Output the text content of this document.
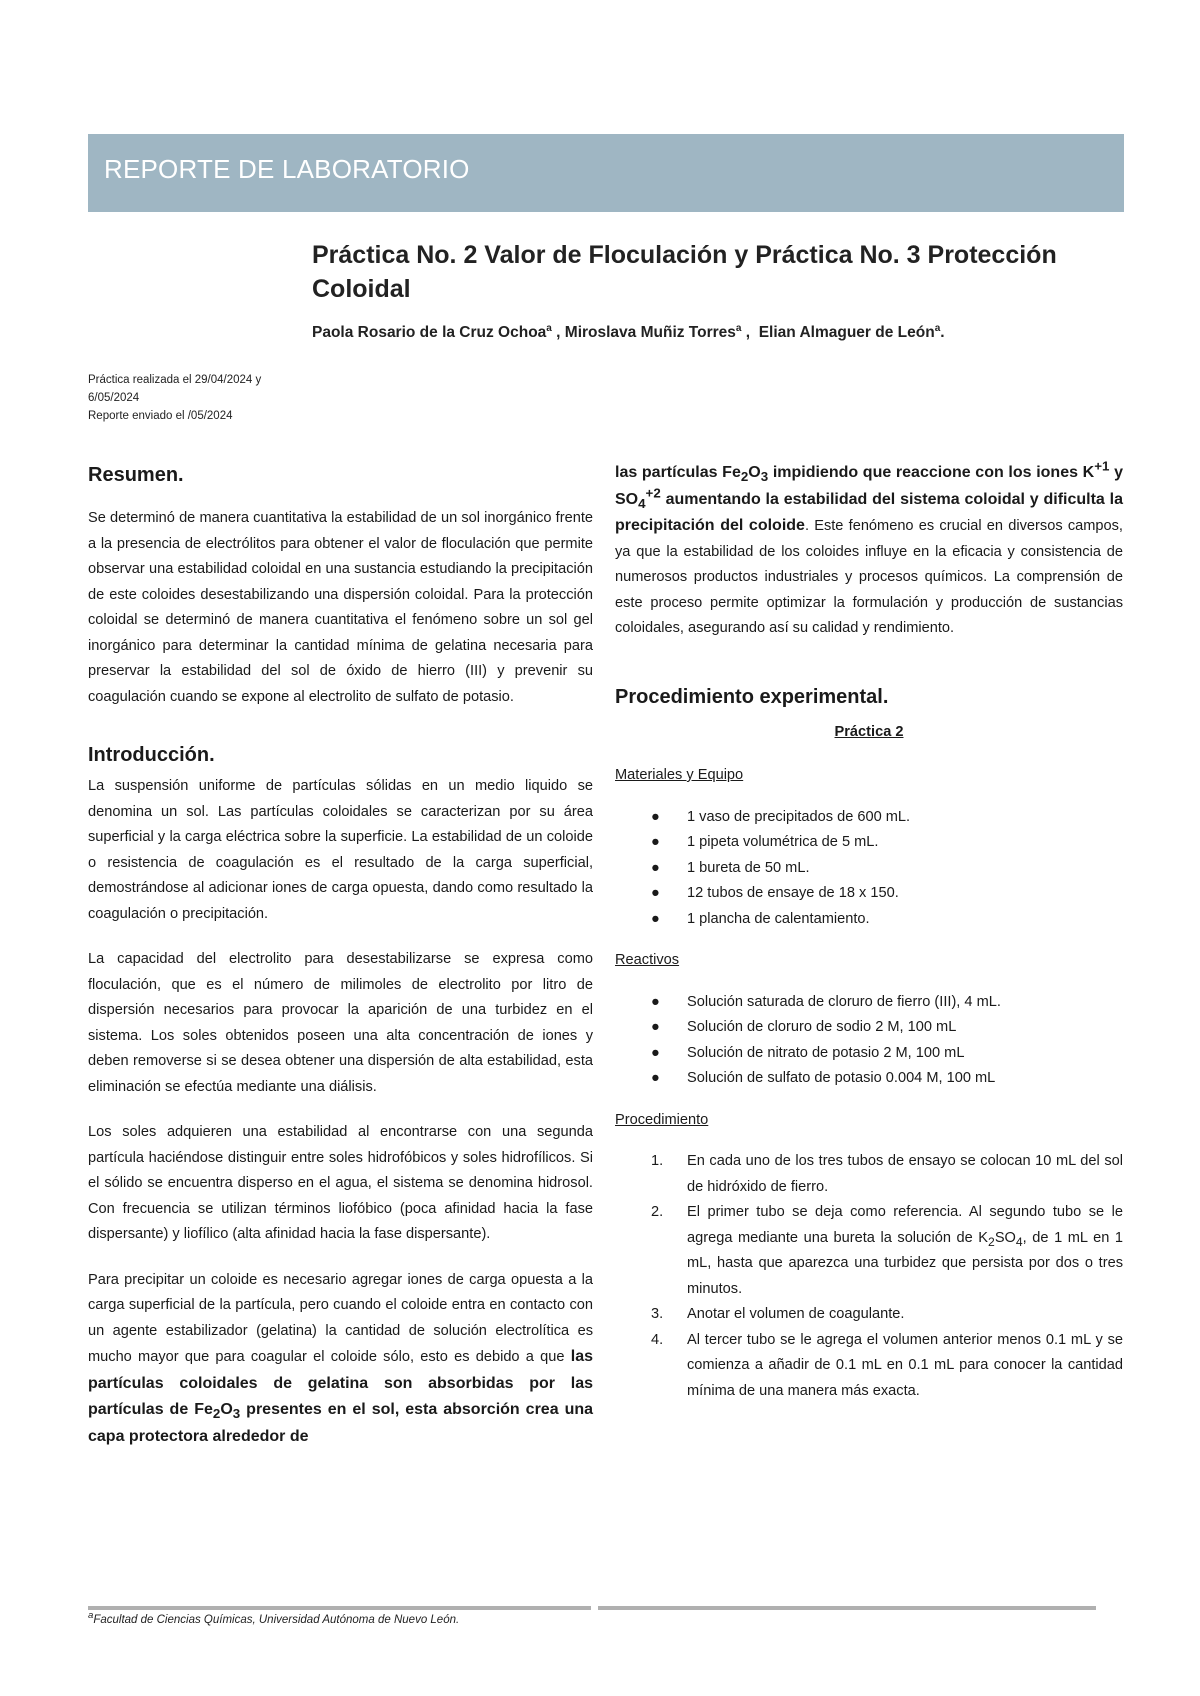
REPORTE DE LABORATORIO
Práctica No. 2 Valor de Floculación y Práctica No. 3 Protección Coloidal
Paola Rosario de la Cruz Ochoa$^a$ , Miroslava Muñiz Torres$^a$ ,  Elian Almaguer de León$^a$.
Práctica realizada el 29/04/2024 y 6/05/2024
Reporte enviado el /05/2024
Resumen.

Se determinó de manera cuantitativa la estabilidad de un sol inorgánico frente a la presencia de electrólitos para obtener el valor de floculación que permite observar una estabilidad coloidal en una sustancia estudiando la precipitación de este coloides desestabilizando una dispersión coloidal. Para la protección coloidal se determinó de manera cuantitativa el fenómeno sobre un sol gel inorgánico para determinar la cantidad mínima de gelatina necesaria para preservar la estabilidad del sol de óxido de hierro (III) y prevenir su coagulación cuando se expone al electrolito de sulfato de potasio.

Introducción.

La suspensión uniforme de partículas sólidas en un medio liquido se denomina un sol. Las partículas coloidales se caracterizan por su área superficial y la carga eléctrica sobre la superficie. La estabilidad de un coloide o resistencia de coagulación es el resultado de la carga superficial, demostrándose al adicionar iones de carga opuesta, dando como resultado la coagulación o precipitación.

La capacidad del electrolito para desestabilizarse se expresa como floculación, que es el número de milimoles de electrolito por litro de dispersión necesarios para provocar la aparición de una turbidez en el sistema. Los soles obtenidos poseen una alta concentración de iones y deben removerse si se desea obtener una dispersión de alta estabilidad, esta eliminación se efectúa mediante una diálisis.

Los soles adquieren una estabilidad al encontrarse con una segunda partícula haciéndose distinguir entre soles hidrofóbicos y soles hidrofílicos. Si el sólido se encuentra disperso en el agua, el sistema se denomina hidrosol. Con frecuencia se utilizan términos liofóbico (poca afinidad hacia la fase dispersante) y liofílico (alta afinidad hacia la fase dispersante).

Para precipitar un coloide es necesario agregar iones de carga opuesta a la carga superficial de la partícula, pero cuando el coloide entra en contacto con un agente estabilizador (gelatina) la cantidad de solución electrolítica es mucho mayor que para coagular el coloide sólo, esto es debido a que las partículas coloidales de gelatina son absorbidas por las partículas de $Fe_2O_3$ presentes en el sol, esta absorción crea una capa protectora alrededor de

las partículas $Fe_2O_3$ impidiendo que reaccione con los iones $K^{+1}$ y $SO_4^{+2}$ aumentando la estabilidad del sistema coloidal y dificulta la precipitación del coloide. Este fenómeno es crucial en diversos campos, ya que la estabilidad de los coloides influye en la eficacia y consistencia de numerosos productos industriales y procesos químicos. La comprensión de este proceso permite optimizar la formulación y producción de sustancias coloidales, asegurando así su calidad y rendimiento.

Procedimiento experimental.

Práctica 2

Materiales y Equipo

● 1 vaso de precipitados de 600 mL.
● 1 pipeta volumétrica de 5 mL.
● 1 bureta de 50 mL.
● 12 tubos de ensaye de 18 x 150.
● 1 plancha de calentamiento.

Reactivos

● Solución saturada de cloruro de fierro (III), 4 mL.
● Solución de cloruro de sodio 2 M, 100 mL
● Solución de nitrato de potasio 2 M, 100 mL
● Solución de sulfato de potasio 0.004 M, 100 mL

Procedimiento

1. En cada uno de los tres tubos de ensayo se colocan 10 mL del sol de hidróxido de fierro.
2. El primer tubo se deja como referencia. Al segundo tubo se le agrega mediante una bureta la solución de $K_2SO_4$, de 1 mL en 1 mL, hasta que aparezca una turbidez que persista por dos o tres minutos.
3. Anotar el volumen de coagulante.
4. Al tercer tubo se le agrega el volumen anterior menos 0.1 mL y se comienza a añadir de 0.1 mL en 0.1 mL para conocer la cantidad mínima de una manera más exacta.
$^a$Facultad de Ciencias Químicas, Universidad Autónoma de Nuevo León.
